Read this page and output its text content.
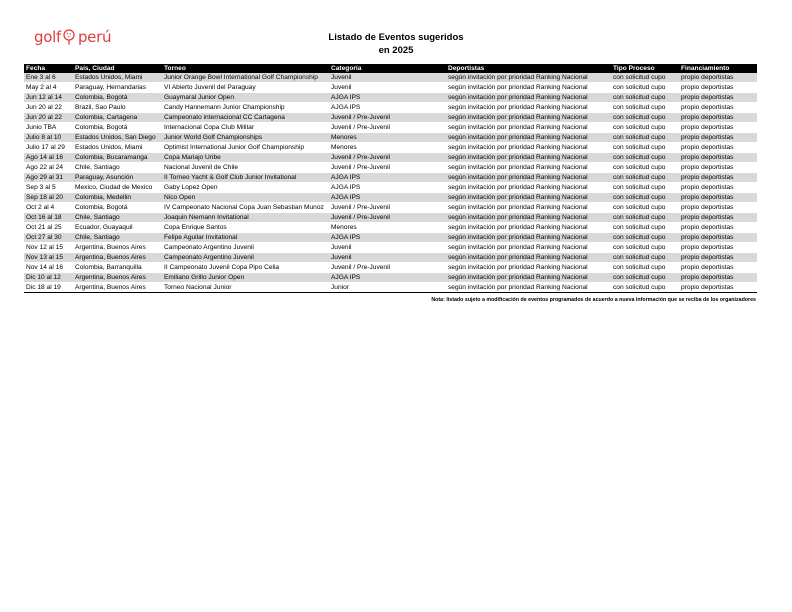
golf perú	Listado de Eventos sugeridos
en 2025
Fecha	País, Ciudad	Torneo	Categoría	Deportistas	Tipo Proceso	Financiamiento
Ene 3 al 6	Estados Unidos, Miami	Junior Orange Bowl International Golf Championship	Juvenil	según invitación por prioridad Ranking Nacional	con solicitud cupo	propio deportistas
May 2 al 4	Paraguay, Hernandarias	VI Abierto Juvenil del Paraguay	Juvenil	según invitación por prioridad Ranking Nacional	con solicitud cupo	propio deportistas
Jun 12 al 14	Colombia, Bogotá	Guaymaral Junior Open	AJGA IPS	según invitación por prioridad Ranking Nacional	con solicitud cupo	propio deportistas
Jun 20 al 22	Brazil, Sao Paulo	Candy Hannemann Junior Championship	AJGA IPS	según invitación por prioridad Ranking Nacional	con solicitud cupo	propio deportistas
Jun 20 al 22	Colombia, Cartagena	Campeonato internacional CC Cartagena	Juvenil / Pre-Juvenil	según invitación por prioridad Ranking Nacional	con solicitud cupo	propio deportistas
Junio TBA	Colombia, Bogotá	Internacional Copa Club Militar	Juvenil / Pre-Juvenil	según invitación por prioridad Ranking Nacional	con solicitud cupo	propio deportistas
Julio 8 al 10	Estados Unidos, San Diego	Junior World Golf Championships	Menores	según invitación por prioridad Ranking Nacional	con solicitud cupo	propio deportistas
Julio 17 al 29	Estados Unidos, Miami	Optimist International Junior Golf Championship	Menores	según invitación por prioridad Ranking Nacional	con solicitud cupo	propio deportistas
Ago 14 al 16	Colombia, Bucaramanga	Copa Mariajo Uribe	Juvenil / Pre-Juvenil	según invitación por prioridad Ranking Nacional	con solicitud cupo	propio deportistas
Ago 22 al 24	Chile, Santiago	Nacional Juvenil de Chile	Juvenil / Pre-Juvenil	según invitación por prioridad Ranking Nacional	con solicitud cupo	propio deportistas
Ago 29 al 31	Paraguay, Asunción	II Torneo Yacht & Golf Club Junior Invitational	AJGA IPS	según invitación por prioridad Ranking Nacional	con solicitud cupo	propio deportistas
Sep 3 al 5	Mexico, Ciudad de Mexico	Gaby Lopez Open	AJGA IPS	según invitación por prioridad Ranking Nacional	con solicitud cupo	propio deportistas
Sep 18 al 20	Colombia, Medellin	Nico Open	AJGA IPS	según invitación por prioridad Ranking Nacional	con solicitud cupo	propio deportistas
Oct 2 al 4	Colombia, Bogotá	IV Campeonato Nacional Copa Juan Sebastian Munoz	Juvenil / Pre-Juvenil	según invitación por prioridad Ranking Nacional	con solicitud cupo	propio deportistas
Oct 16 al 18	Chile, Santiago	Joaquin Niemann Invitational	Juvenil / Pre-Juvenil	según invitación por prioridad Ranking Nacional	con solicitud cupo	propio deportistas
Oct 21 al 25	Ecuador, Guayaquil	Copa Enrique Santos	Menores	según invitación por prioridad Ranking Nacional	con solicitud cupo	propio deportistas
Oct 27 al 30	Chile, Santiago	Felipe Aguilar Invitational	AJGA IPS	según invitación por prioridad Ranking Nacional	con solicitud cupo	propio deportistas
Nov 12 al 15	Argentina, Buenos Aires	Campeonato Argentino Juvenil	Juvenil	según invitación por prioridad Ranking Nacional	con solicitud cupo	propio deportistas
Nov 13 al 15	Argentina, Buenos Aires	Campeonato Argentino Juvenil	Juvenil	según invitación por prioridad Ranking Nacional	con solicitud cupo	propio deportistas
Nov 14 al 16	Colombia, Barranquilla	II Campeonato Juvenil Copa Pipo Celia	Juvenil / Pre-Juvenil	según invitación por prioridad Ranking Nacional	con solicitud cupo	propio deportistas
Dic 10 al 12	Argentina, Buenos Aires	Emiliano Grillo Junior Open	AJGA IPS	según invitación por prioridad Ranking Nacional	con solicitud cupo	propio deportistas
Dic 18 al 19	Argentina, Buenos Aires	Torneo Nacional Junior	Junior	según invitación por prioridad Ranking Nacional	con solicitud cupo	propio deportistas
Nota: listado sujeto a modificación de eventos programados de acuerdo a nueva información que se reciba de los organizadores
